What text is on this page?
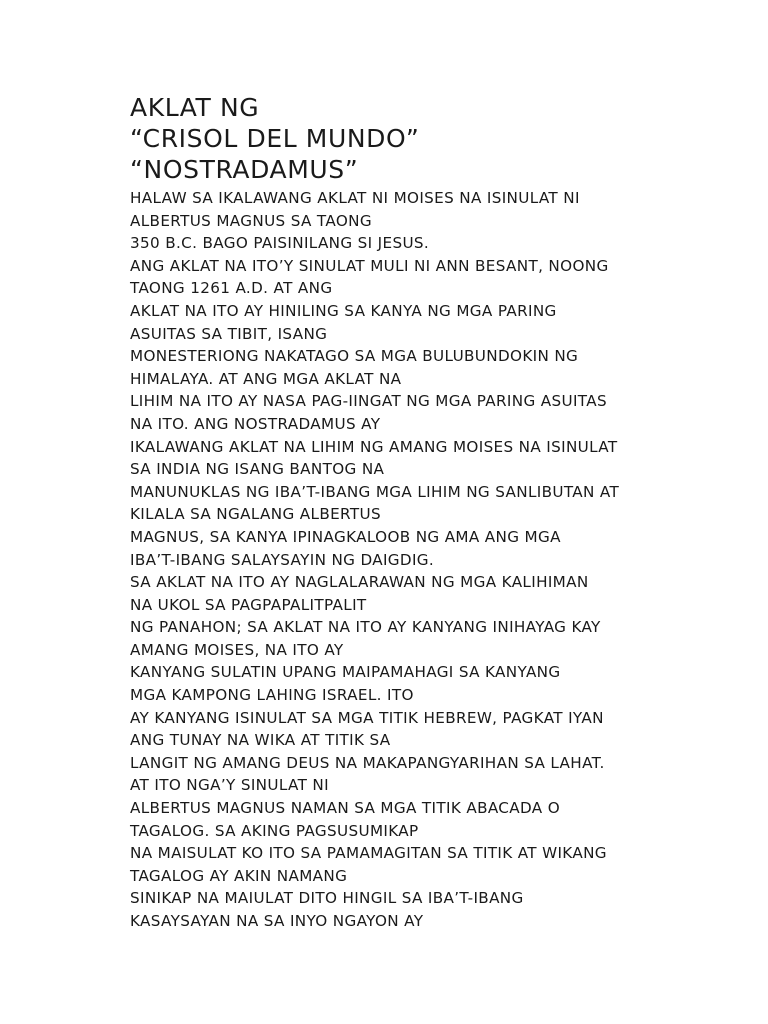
AKLAT NG
“CRISOL DEL MUNDO”
“NOSTRADAMUS”
HALAW SA IKALAWANG AKLAT NI MOISES NA ISINULAT NI
ALBERTUS MAGNUS SA TAONG
350 B.C. BAGO PAISINILANG SI JESUS.
ANG AKLAT NA ITO’Y SINULAT MULI NI ANN BESANT, NOONG
TAONG 1261 A.D. AT ANG
AKLAT NA ITO AY HINILING SA KANYA NG MGA PARING
ASUITAS SA TIBIT, ISANG
MONESTERIONG NAKATAGO SA MGA BULUBUNDOKIN NG
HIMALAYA. AT ANG MGA AKLAT NA
LIHIM NA ITO AY NASA PAG-IINGAT NG MGA PARING ASUITAS
NA ITO. ANG NOSTRADAMUS AY
IKALAWANG AKLAT NA LIHIM NG AMANG MOISES NA ISINULAT
SA INDIA NG ISANG BANTOG NA
MANUNUKLAS NG IBA’T-IBANG MGA LIHIM NG SANLIBUTAN AT
KILALA SA NGALANG ALBERTUS
MAGNUS, SA KANYA IPINAGKALOOB NG AMA ANG MGA
IBA’T-IBANG SALAYSAYIN NG DAIGDIG.
SA AKLAT NA ITO AY NAGLALARAWAN NG MGA KALIHIMAN
NA UKOL SA PAGPAPALITPALIT
NG PANAHON; SA AKLAT NA ITO AY KANYANG INIHAYAG KAY
AMANG MOISES, NA ITO AY
KANYANG SULATIN UPANG MAIPAMAHAGI SA KANYANG
MGA KAMPONG LAHING ISRAEL. ITO
AY KANYANG ISINULAT SA MGA TITIK HEBREW, PAGKAT IYAN
ANG TUNAY NA WIKA AT TITIK SA
LANGIT NG AMANG DEUS NA MAKAPANGYARIHAN SA LAHAT.
AT ITO NGA’Y SINULAT NI
ALBERTUS MAGNUS NAMAN SA MGA TITIK ABACADA O
TAGALOG. SA AKING PAGSUSUMIKAP
NA MAISULAT KO ITO SA PAMAMAGITAN SA TITIK AT WIKANG
TAGALOG AY AKIN NAMANG
SINIKAP NA MAIULAT DITO HINGIL SA IBA’T-IBANG
KASAYSAYAN NA SA INYO NGAYON AY
